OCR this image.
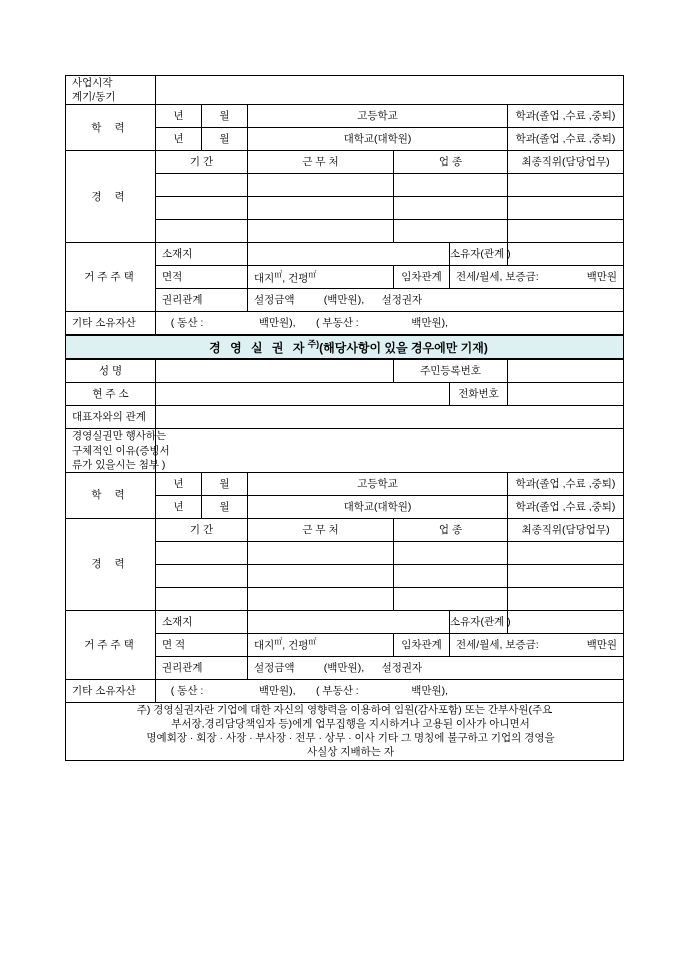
사업시작
계기/동기						

학 력	년	월	고등학교			학과(졸업 ,수료 ,중퇴)
	년	월	대학교(대학원)			학과(졸업 ,수료 ,중퇴)
경 력	기 간		근 무 처	업 종		최종직위(담당업무)

거주주택	소재지				소유자(관계 )	

	면적		대지㎡, 건평㎡	임차관계	전세/월세, 보증금: 백만원	

	권리관계		설정금액 (백만원), 설정권자			

기타 소유자산	( 동산 : 백만원), ( 부동산 : 백만원),					
경 영 실 권 자$^{주)}$(해당사항이 있을 경우에만 기재)
성 명				주민등록번호		
현 주 소					전화번호	

대표자와의 관계						

경영실권만 행사하는
구체적인 이유(증빙서
류가 있을시는 첨부 )						

학 력	년	월	고등학교			학과(졸업 ,수료 ,중퇴)
	년	월	대학교(대학원)			학과(졸업 ,수료 ,중퇴)
경 력	기 간		근 무 처	업 종		최종직위(담당업무)

거주주택	소재지				소유자(관계 )	

	면 적		대지㎡, 건평㎡	임차관계	전세/월세, 보증금: 백만원	

	권리관계		설정금액 (백만원), 설정권자			

기타 소유자산	( 동산 : 백만원), ( 부동산 : 백만원),					

주) 경영실권자란 기업에 대한 자신의 영향력을 이용하여 임원(감사포함) 또는 간부사원(주요
부서장,경리담당책임자 등)에게 업무집행을 지시하거나 고용된 이사가 아니면서
명예회장 · 회장 · 사장 · 부사장 · 전무 · 상무 · 이사 기타 그 명칭에 불구하고 기업의 경영을
사실상 지배하는 자						
